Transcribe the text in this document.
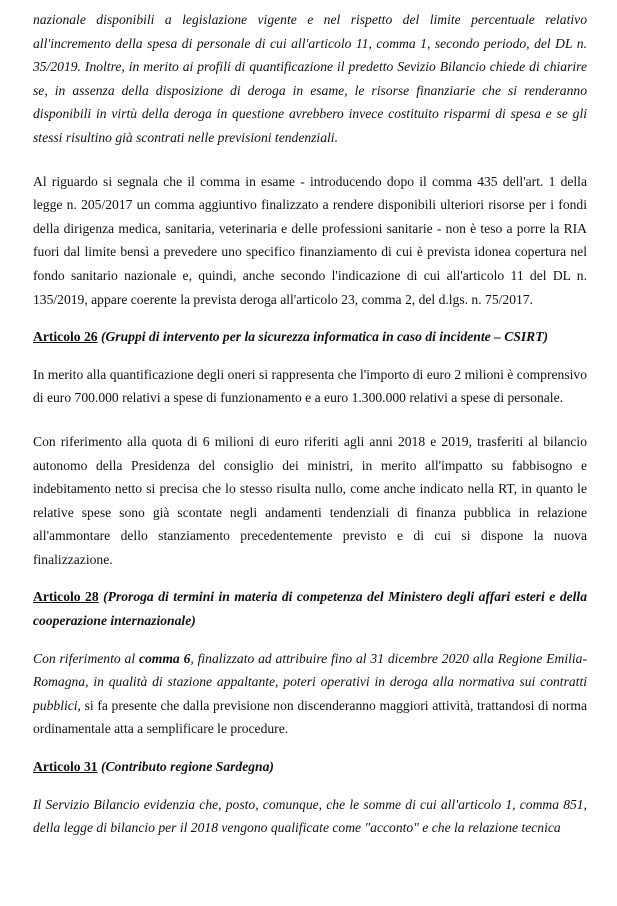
nazionale disponibili a legislazione vigente e nel rispetto del limite percentuale relativo all'incremento della spesa di personale di cui all'articolo 11, comma 1, secondo periodo, del DL n. 35/2019. Inoltre, in merito ai profili di quantificazione il predetto Sevizio Bilancio chiede di chiarire se, in assenza della disposizione di deroga in esame, le risorse finanziarie che si renderanno disponibili in virtù della deroga in questione avrebbero invece costituito risparmi di spesa e se gli stessi risultino già scontrati nelle previsioni tendenziali.

Al riguardo si segnala che il comma in esame - introducendo dopo il comma 435 dell'art. 1 della legge n. 205/2017 un comma aggiuntivo finalizzato a rendere disponibili ulteriori risorse per i fondi della dirigenza medica, sanitaria, veterinaria e delle professioni sanitarie - non è teso a porre la RIA fuori dal limite bensì a prevedere uno specifico finanziamento di cui è prevista idonea copertura nel fondo sanitario nazionale e, quindi, anche secondo l'indicazione di cui all'articolo 11 del DL n. 135/2019, appare coerente la prevista deroga all'articolo 23, comma 2, del d.lgs. n. 75/2017.

Articolo 26 (Gruppi di intervento per la sicurezza informatica in caso di incidente – CSIRT)

In merito alla quantificazione degli oneri si rappresenta che l'importo di euro 2 milioni è comprensivo di euro 700.000 relativi a spese di funzionamento e a euro 1.300.000 relativi a spese di personale.

Con riferimento alla quota di 6 milioni di euro riferiti agli anni 2018 e 2019, trasferiti al bilancio autonomo della Presidenza del consiglio dei ministri, in merito all'impatto su fabbisogno e indebitamento netto si precisa che lo stesso risulta nullo, come anche indicato nella RT, in quanto le relative spese sono già scontate negli andamenti tendenziali di finanza pubblica in relazione all'ammontare dello stanziamento precedentemente previsto e di cui si dispone la nuova finalizzazione.

Articolo 28 (Proroga di termini in materia di competenza del Ministero degli affari esteri e della cooperazione internazionale)

Con riferimento al comma 6, finalizzato ad attribuire fino al 31 dicembre 2020 alla Regione Emilia-Romagna, in qualità di stazione appaltante, poteri operativi in deroga alla normativa sui contratti pubblici, si fa presente che dalla previsione non discenderanno maggiori attività, trattandosi di norma ordinamentale atta a semplificare le procedure.

Articolo 31 (Contributo regione Sardegna)

Il Servizio Bilancio evidenzia che, posto, comunque, che le somme di cui all'articolo 1, comma 851, della legge di bilancio per il 2018 vengono qualificate come "acconto" e che la relazione tecnica
